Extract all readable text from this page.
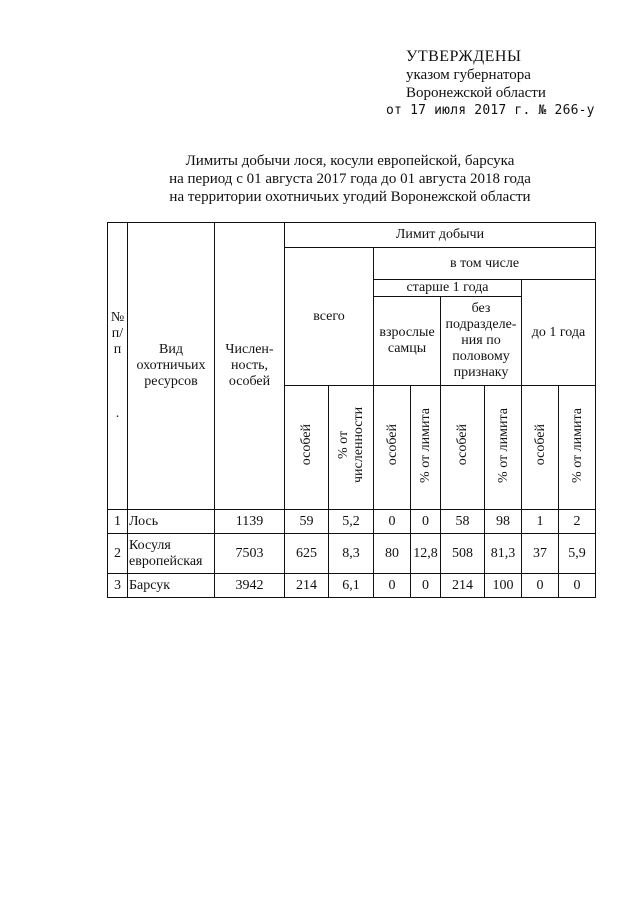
УТВЕРЖДЕНЫ
указом губернатора
Воронежской области
от 17 июля 2017 г. № 266-у
Лимиты добычи лося, косули европейской, барсука
на период с 01 августа 2017 года до 01 августа 2018 года
на территории охотничьих угодий Воронежской области
№ п/п
.	Вид охотничьих ресурсов	Числен-ность, особей	Лимит добычи							
			всего		в том числе					
					старше 1 года				до 1 года	
					взрослые самцы		без подразделе-ния по половому признаку			
			особей	% от численности	особей	% от лимита	особей	% от лимита	особей	% от лимита
1	Лось	1139	59	5,2	0	0	58	98	1	2
2	Косуля европейская	7503	625	8,3	80	12,8	508	81,3	37	5,9
3	Барсук	3942	214	6,1	0	0	214	100	0	0
